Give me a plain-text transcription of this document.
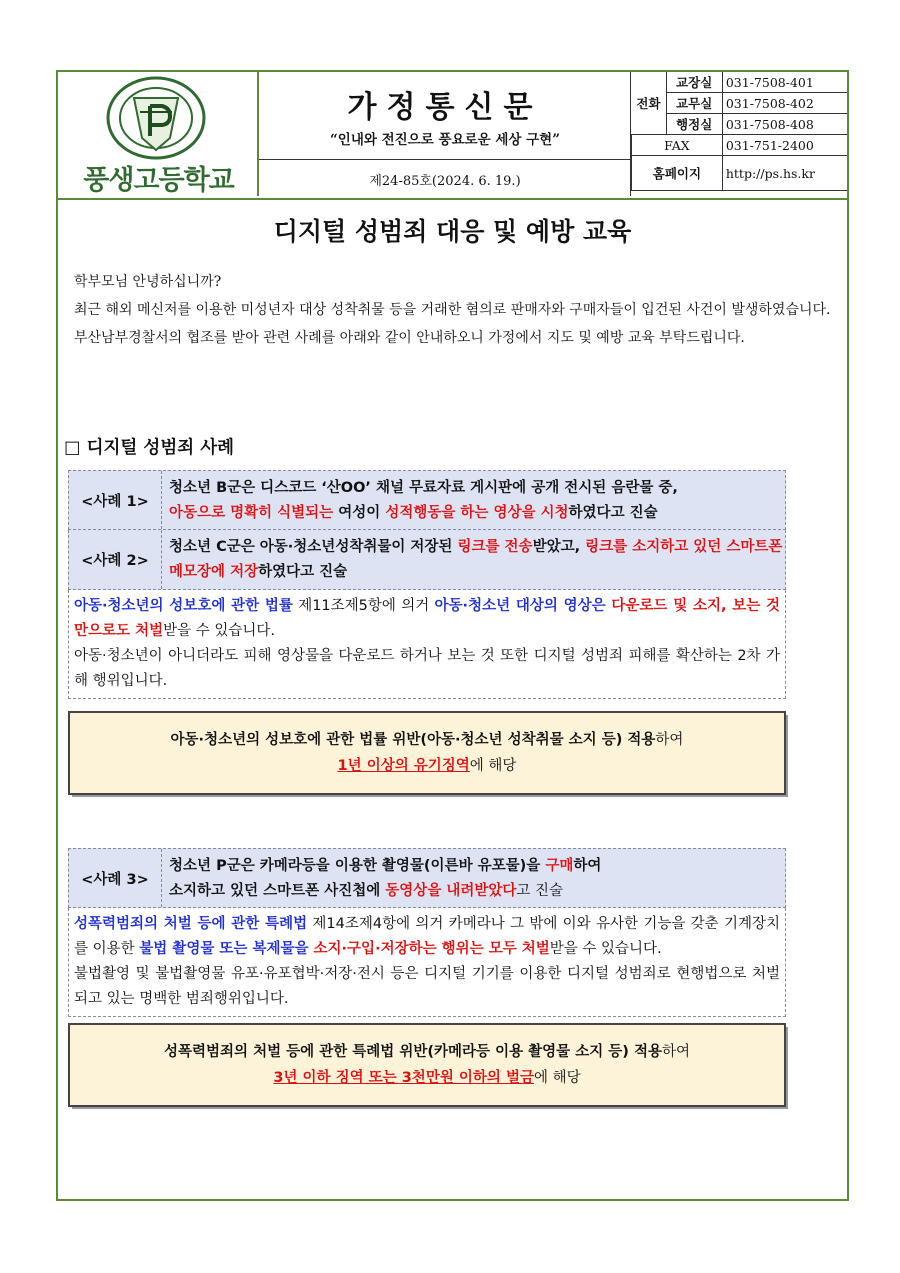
풍생고등학교
가정통신문
“인내와 전진으로 풍요로운 세상 구현”
제24-85호(2024. 6. 19.)
전화	교장실	031-7508-401
	교무실	031-7508-402
	행정실	031-7508-408
FAX		031-751-2400
홈페이지		http://ps.hs.kr
디지털 성범죄 대응 및 예방 교육

학부모님 안녕하십니까?

최근 해외 메신저를 이용한 미성년자 대상 성착취물 등을 거래한 혐의로 판매자와 구매자들이 입건된 사건이 발생하였습니다.

부산남부경찰서의 협조를 받아 관련 사례를 아래와 같이 안내하오니 가정에서 지도 및 예방 교육 부탁드립니다.

□ 디지털 성범죄 사례
<사례 1>
청소년 B군은 디스코드 ‘산OO’ 채널 무료자료 게시판에 공개 전시된 음란물 중,
아동으로 명확히 식별되는 여성이 성적행동을 하는 영상을 시청하였다고 진술
<사례 2>
청소년 C군은 아동·청소년성착취물이 저장된 링크를 전송받았고, 링크를 소지하고 있던 스마트폰 메모장에 저장하였다고 진술
아동·청소년의 성보호에 관한 법률 제11조제5항에 의거 아동·청소년 대상의 영상은 다운로드 및 소지, 보는 것만으로도 처벌받을 수 있습니다.
아동·청소년이 아니더라도 피해 영상물을 다운로드 하거나 보는 것 또한 디지털 성범죄 피해를 확산하는 2차 가해 행위입니다.
아동·청소년의 성보호에 관한 법률 위반(아동·청소년 성착취물 소지 등) 적용하여
1년 이상의 유기징역에 해당
<사례 3>
청소년 P군은 카메라등을 이용한 촬영물(이른바 유포물)을 구매하여
소지하고 있던 스마트폰 사진첩에 동영상을 내려받았다고 진술
성폭력범죄의 처벌 등에 관한 특례법 제14조제4항에 의거 카메라나 그 밖에 이와 유사한 기능을 갖춘 기계장치를 이용한 불법 촬영물 또는 복제물을 소지·구입·저장하는 행위는 모두 처벌받을 수 있습니다.
불법촬영 및 불법촬영물 유포·유포협박·저장·전시 등은 디지털 기기를 이용한 디지털 성범죄로 현행법으로 처벌되고 있는 명백한 범죄행위입니다.
성폭력범죄의 처벌 등에 관한 특례법 위반(카메라등 이용 촬영물 소지 등) 적용하여
3년 이하 징역 또는 3천만원 이하의 벌금에 해당
